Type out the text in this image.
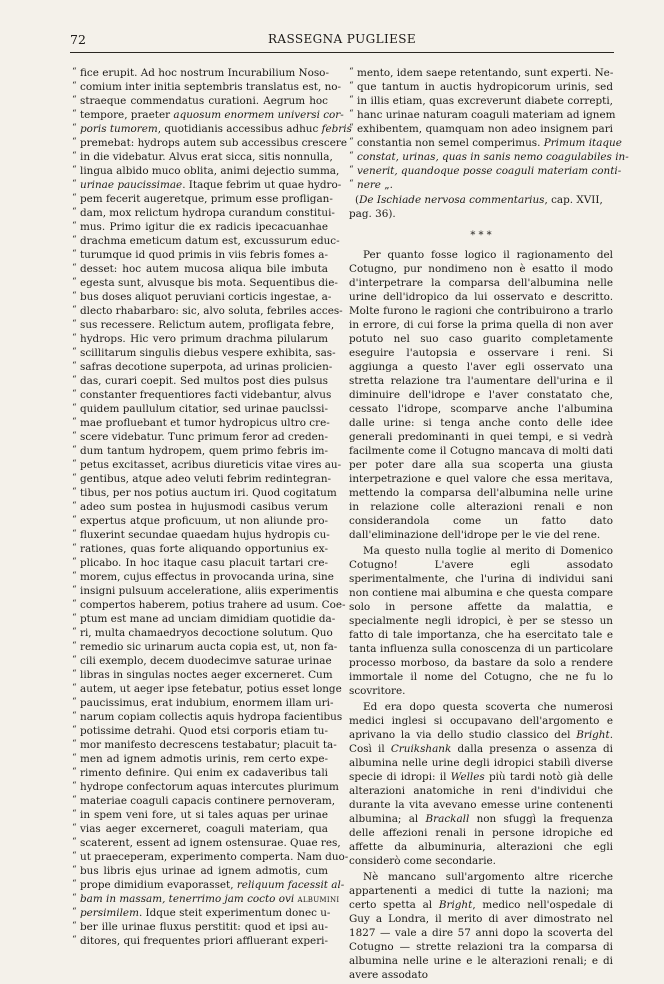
72	RASSEGNA PUGLIESE
“ fice erupit. Ad hoc nostrum Incurabilium Noso-
“ comium inter initia septembris translatus est, no-
“ straeque commendatus curationi. Aegrum hoc
“ tempore, praeter aquosum enormem universi cor-
“ poris tumorem, quotidianis accessibus adhuc febris
“ premebat: hydrops autem sub accessibus crescere
“ in die videbatur. Alvus erat sicca, sitis nonnulla,
“ lingua albido muco oblita, animi dejectio summa,
“ urinae paucissimae. Itaque febrim ut quae hydro-
“ pem fecerit augeretque, primum esse profligan-
“ dam, mox relictum hydropa curandum constitui-
“ mus. Primo igitur die ex radicis ipecacuanhae
“ drachma emeticum datum est, excussurum educ-
“ turumque id quod primis in viis febris fomes a-
“ desset: hoc autem mucosa aliqua bile imbuta
“ egesta sunt, alvusque bis mota. Sequentibus die-
“ bus doses aliquot peruviani corticis ingestae, a-
“ dlecto rhabarbaro: sic, alvo soluta, febriles acces-
“ sus recessere. Relictum autem, profligata febre,
“ hydrops. Hic vero primum drachma pilularum
“ scillitarum singulis diebus vespere exhibita, sas-
“ safras decotione superpota, ad urinas prolicien-
“ das, curari coepit. Sed multos post dies pulsus
“ constanter frequentiores facti videbantur, alvus
“ quidem paullulum citatior, sed urinae pauclssi-
“ mae profluebant et tumor hydropicus ultro cre-
“ scere videbatur. Tunc primum feror ad creden-
“ dum tantum hydropem, quem primo febris im-
“ petus excitasset, acribus diureticis vitae vires au-
“ gentibus, atque adeo veluti febrim redintegran-
“ tibus, per nos potius auctum iri. Quod cogitatum
“ adeo sum postea in hujusmodi casibus verum
“ expertus atque proficuum, ut non aliunde pro-
“ fluxerint secundae quaedam hujus hydropis cu-
“ rationes, quas forte aliquando opportunius ex-
“ plicabo. In hoc itaque casu placuit tartari cre-
“ morem, cujus effectus in provocanda urina, sine
“ insigni pulsuum acceleratione, aliis experimentis
“ compertos haberem, potius trahere ad usum. Coe-
“ ptum est mane ad unciam dimidiam quotidie da-
“ ri, multa chamaedryos decoctione solutum. Quo
“ remedio sic urinarum aucta copia est, ut, non fa-
“ cili exemplo, decem duodecimve saturae urinae
“ libras in singulas noctes aeger excerneret. Cum
“ autem, ut aeger ipse fetebatur, potius esset longe
“ paucissimus, erat indubium, enormem illam uri-
“ narum copiam collectis aquis hydropa facientibus
“ potissime detrahi. Quod etsi corporis etiam tu-
“ mor manifesto decrescens testabatur; placuit ta-
“ men ad ignem admotis urinis, rem certo expe-
“ rimento definire. Qui enim ex cadaveribus tali
“ hydrope confectorum aquas intercutes plurimum
“ materiae coaguli capacis continere pernoveram,
“ in spem veni fore, ut si tales aquas per urinae
“ vias aeger excerneret, coaguli materiam, qua
“ scaterent, essent ad ignem ostensurae. Quae res,
“ ut praeceperam, experimento comperta. Nam duo-
“ bus libris ejus urinae ad ignem admotis, cum
“ prope dimidium evaporasset, reliquum facessit al-
“ bam in massam, tenerrimo jam cocto ovi albumini
“ persimilem. Idque steit experimentum donec u-
“ ber ille urinae fluxus perstitit: quod et ipsi au-
“ ditores, qui frequentes priori affluerant experi-
“ mento, idem saepe retentando, sunt experti. Ne-
“ que tantum in auctis hydropicorum urinis, sed
“ in illis etiam, quas excreverunt diabete correpti,
“ hanc urinae naturam coaguli materiam ad ignem
“ exhibentem, quamquam non adeo insignem pari
“ constantia non semel comperimus. Primum itaque
“ constat, urinas, quas in sanis nemo coagulabiles in-
“ venerit, quandoque posse coaguli materiam conti-
“ nere „.
(De Ischiade nervosa commentarius, cap. XVII,
pag. 36).
* * *

Per quanto fosse logico il ragionamento del Cotugno, pur nondimeno non è esatto il modo d'interpetrare la comparsa dell'albumina nelle urine dell'idropico da lui osservato e descritto. Molte furono le ragioni che contribuirono a trarlo in errore, di cui forse la prima quella di non aver potuto nel suo caso guarito completamente eseguire l'autopsia e osservare i reni. Si aggiunga a questo l'aver egli osservato una stretta relazione tra l'aumentare dell'urina e il diminuire dell'idrope e l'aver constatato che, cessato l'idrope, scomparve anche l'albumina dalle urine: si tenga anche conto delle idee generali predominanti in quei tempi, e si vedrà facilmente come il Cotugno mancava di molti dati per poter dare alla sua scoperta una giusta interpetrazione e quel valore che essa meritava, mettendo la comparsa dell'albumina nelle urine in relazione colle alterazioni renali e non considerandola come un fatto dato dall'eliminazione dell'idrope per le vie del rene.

Ma questo nulla toglie al merito di Domenico Cotugno! L'avere egli assodato sperimentalmente, che l'urina di individui sani non contiene mai albumina e che questa compare solo in persone affette da malattia, e specialmente negli idropici, è per se stesso un fatto di tale importanza, che ha esercitato tale e tanta influenza sulla conoscenza di un particolare processo morboso, da bastare da solo a rendere immortale il nome del Cotugno, che ne fu lo scovritore.

Ed era dopo questa scoverta che numerosi medici inglesi si occupavano dell'argomento e aprivano la via dello studio classico del Bright. Così il Cruikshank dalla presenza o assenza di albumina nelle urine degli idropici stabilì diverse specie di idropi: il Welles più tardi notò già delle alterazioni anatomiche in reni d'individui che durante la vita avevano emesse urine contenenti albumina; al Brackall non sfuggì la frequenza delle affezioni renali in persone idropiche ed affette da albuminuria, alterazioni che egli considerò come secondarie.

Nè mancano sull'argomento altre ricerche appartenenti a medici di tutte la nazioni; ma certo spetta al Bright, medico nell'ospedale di Guy a Londra, il merito di aver dimostrato nel 1827 — vale a dire 57 anni dopo la scoverta del Cotugno — strette relazioni tra la comparsa di albumina nelle urine e le alterazioni renali; e di avere assodato
